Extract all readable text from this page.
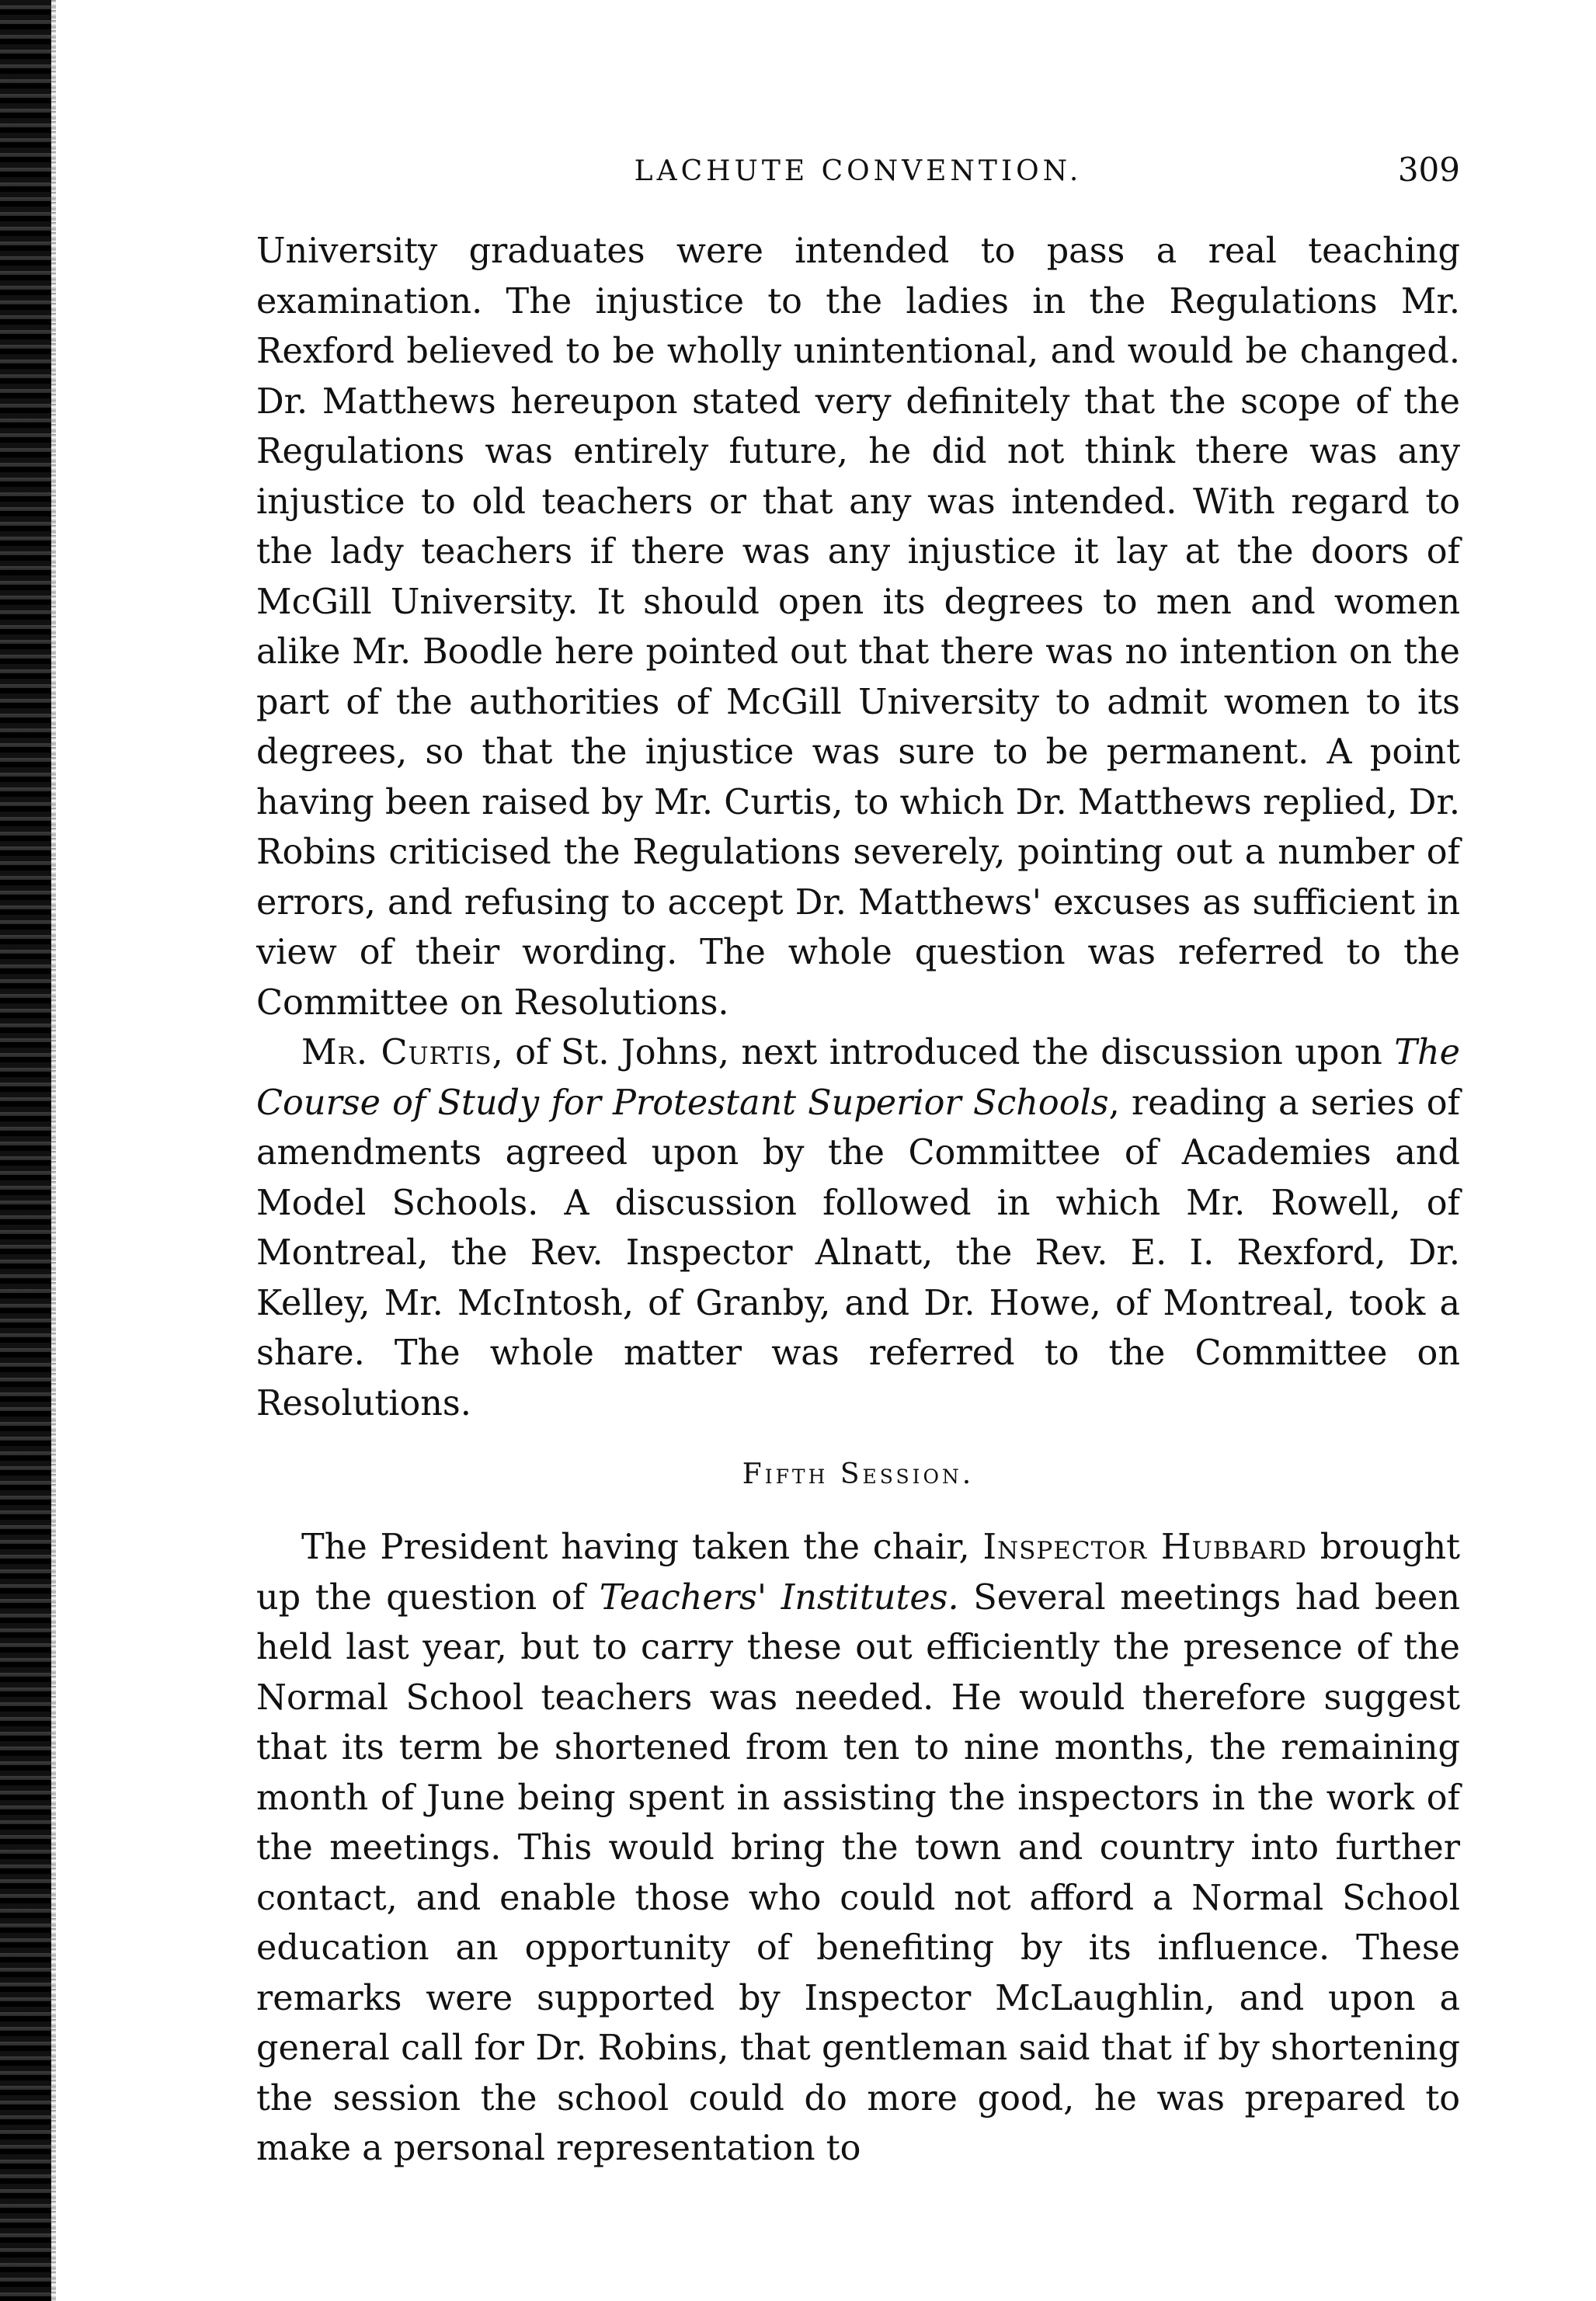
LACHUTE CONVENTION.	309

University graduates were intended to pass a real teaching examination. The injustice to the ladies in the Regulations Mr. Rexford believed to be wholly unintentional, and would be changed. Dr. Matthews hereupon stated very definitely that the scope of the Regulations was entirely future, he did not think there was any injustice to old teachers or that any was intended. With regard to the lady teachers if there was any injustice it lay at the doors of McGill University. It should open its degrees to men and women alike Mr. Boodle here pointed out that there was no intention on the part of the authorities of McGill University to admit women to its degrees, so that the injustice was sure to be permanent. A point having been raised by Mr. Curtis, to which Dr. Matthews replied, Dr. Robins criticised the Regulations severely, pointing out a number of errors, and refusing to accept Dr. Matthews' excuses as sufficient in view of their wording. The whole question was referred to the Committee on Resolutions.

Mr. Curtis, of St. Johns, next introduced the discussion upon The Course of Study for Protestant Superior Schools, reading a series of amendments agreed upon by the Committee of Academies and Model Schools. A discussion followed in which Mr. Rowell, of Montreal, the Rev. Inspector Alnatt, the Rev. E. I. Rexford, Dr. Kelley, Mr. McIntosh, of Granby, and Dr. Howe, of Montreal, took a share. The whole matter was referred to the Committee on Resolutions.

Fifth Session.

The President having taken the chair, Inspector Hubbard brought up the question of Teachers' Institutes. Several meetings had been held last year, but to carry these out efficiently the presence of the Normal School teachers was needed. He would therefore suggest that its term be shortened from ten to nine months, the remaining month of June being spent in assisting the inspectors in the work of the meetings. This would bring the town and country into further contact, and enable those who could not afford a Normal School education an opportunity of benefiting by its influence. These remarks were supported by Inspector McLaughlin, and upon a general call for Dr. Robins, that gentleman said that if by shortening the session the school could do more good, he was prepared to make a personal representation to
